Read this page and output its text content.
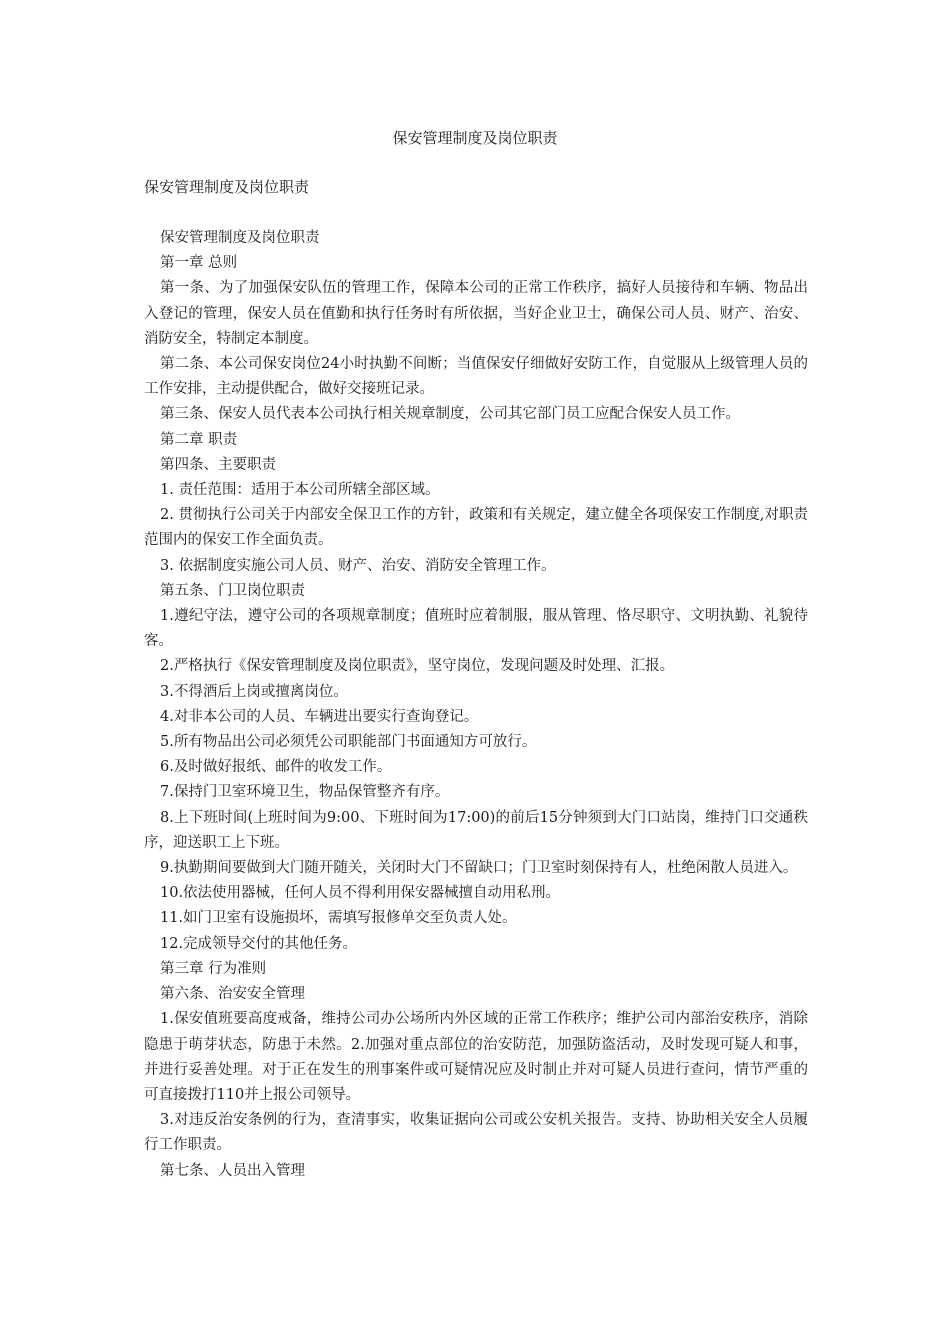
保安管理制度及岗位职责
保安管理制度及岗位职责

保安管理制度及岗位职责

第一章 总则

第一条、为了加强保安队伍的管理工作，保障本公司的正常工作秩序，搞好人员接待和车辆、物品出入登记的管理，保安人员在值勤和执行任务时有所依据，当好企业卫士，确保公司人员、财产、治安、消防安全，特制定本制度。

第二条、本公司保安岗位24小时执勤不间断；当值保安仔细做好安防工作，自觉服从上级管理人员的工作安排，主动提供配合，做好交接班记录。

第三条、保安人员代表本公司执行相关规章制度，公司其它部门员工应配合保安人员工作。

第二章 职责

第四条、主要职责

1. 责任范围：适用于本公司所辖全部区域。

2. 贯彻执行公司关于内部安全保卫工作的方针，政策和有关规定，建立健全各项保安工作制度,对职责范围内的保安工作全面负责。

3. 依据制度实施公司人员、财产、治安、消防安全管理工作。

第五条、门卫岗位职责

1.遵纪守法，遵守公司的各项规章制度；值班时应着制服，服从管理、恪尽职守、文明执勤、礼貌待客。

2.严格执行《保安管理制度及岗位职责》，坚守岗位，发现问题及时处理、汇报。

3.不得酒后上岗或擅离岗位。

4.对非本公司的人员、车辆进出要实行查询登记。

5.所有物品出公司必须凭公司职能部门书面通知方可放行。

6.及时做好报纸、邮件的收发工作。

7.保持门卫室环境卫生，物品保管整齐有序。

8.上下班时间(上班时间为9:00、下班时间为17:00)的前后15分钟须到大门口站岗，维持门口交通秩序，迎送职工上下班。

9.执勤期间要做到大门随开随关，关闭时大门不留缺口；门卫室时刻保持有人，杜绝闲散人员进入。

10.依法使用器械，任何人员不得利用保安器械擅自动用私刑。

11.如门卫室有设施损坏，需填写报修单交至负责人处。

12.完成领导交付的其他任务。

第三章 行为准则

第六条、治安安全管理

1.保安值班要高度戒备，维持公司办公场所内外区域的正常工作秩序；维护公司内部治安秩序，消除隐患于萌芽状态，防患于未然。2.加强对重点部位的治安防范，加强防盗活动，及时发现可疑人和事，并进行妥善处理。对于正在发生的刑事案件或可疑情况应及时制止并对可疑人员进行查问，情节严重的可直接拨打110并上报公司领导。

3.对违反治安条例的行为，查清事实，收集证据向公司或公安机关报告。支持、协助相关安全人员履行工作职责。

第七条、人员出入管理
